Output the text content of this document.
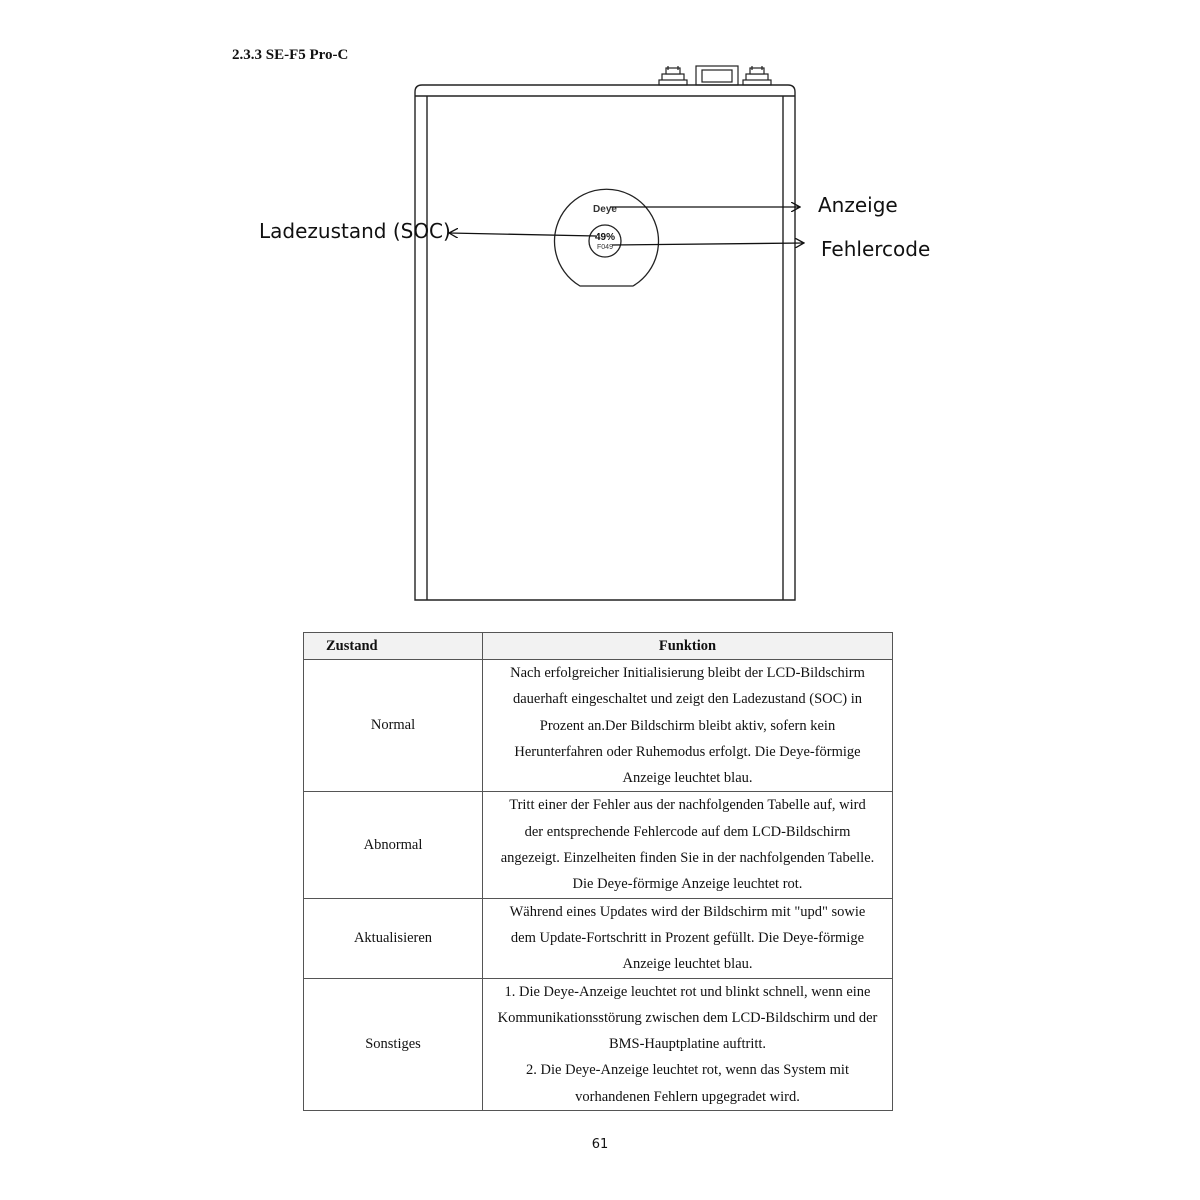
2.3.3 SE-F5 Pro-C
Deye
49%
F049
Ladezustand (SOC)
Anzeige
Fehlercode
Zustand	Funktion
Normal	Nach erfolgreicher Initialisierung bleibt der LCD-Bildschirm
dauerhaft eingeschaltet und zeigt den Ladezustand (SOC) in
Prozent an.Der Bildschirm bleibt aktiv, sofern kein
Herunterfahren oder Ruhemodus erfolgt. Die Deye-förmige
Anzeige leuchtet blau.

Abnormal	Tritt einer der Fehler aus der nachfolgenden Tabelle auf, wird
der entsprechende Fehlercode auf dem LCD-Bildschirm
angezeigt. Einzelheiten finden Sie in der nachfolgenden Tabelle.
Die Deye-förmige Anzeige leuchtet rot.

Aktualisieren	Während eines Updates wird der Bildschirm mit "upd" sowie
dem Update-Fortschritt in Prozent gefüllt. Die Deye-förmige
Anzeige leuchtet blau.

Sonstiges	1. Die Deye-Anzeige leuchtet rot und blinkt schnell, wenn eine
Kommunikationsstörung zwischen dem LCD-Bildschirm und der
BMS-Hauptplatine auftritt.
2. Die Deye-Anzeige leuchtet rot, wenn das System mit
vorhandenen Fehlern upgegradet wird.
61
